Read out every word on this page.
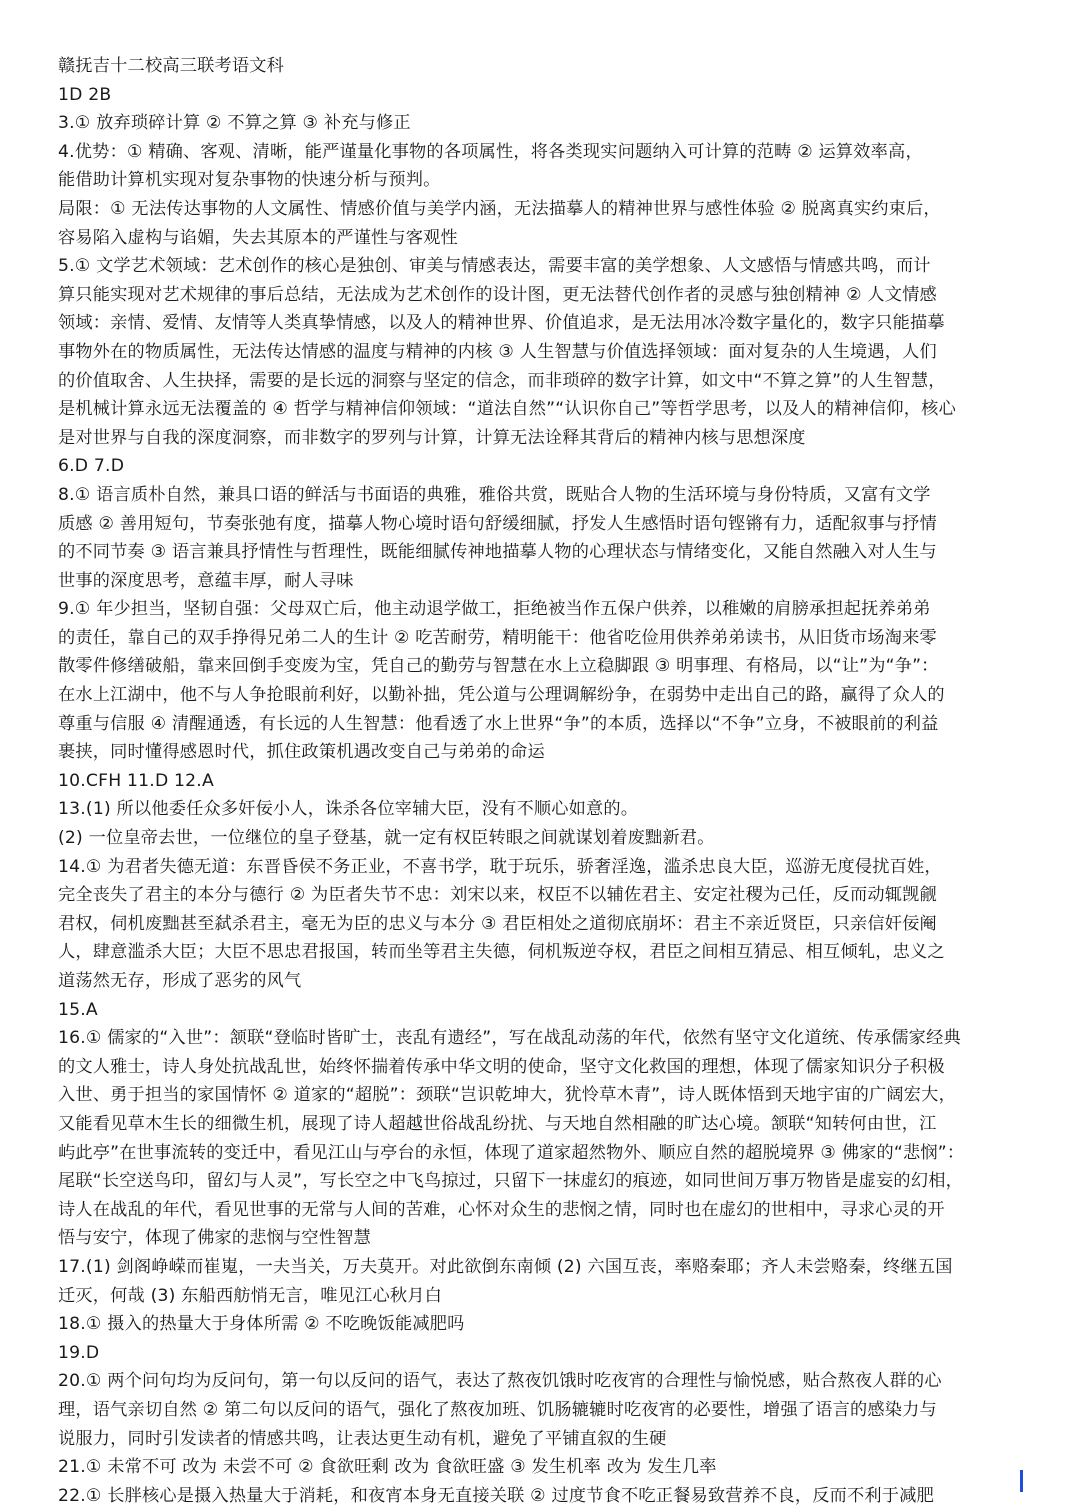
赣抚吉十二校高三联考语文科
1D 2B
3.① 放弃琐碎计算 ② 不算之算 ③ 补充与修正
4.优势：① 精确、客观、清晰，能严谨量化事物的各项属性，将各类现实问题纳入可计算的范畴 ② 运算效率高，
能借助计算机实现对复杂事物的快速分析与预判。
局限：① 无法传达事物的人文属性、情感价值与美学内涵，无法描摹人的精神世界与感性体验 ② 脱离真实约束后，
容易陷入虚构与谄媚，失去其原本的严谨性与客观性
5.① 文学艺术领域：艺术创作的核心是独创、审美与情感表达，需要丰富的美学想象、人文感悟与情感共鸣，而计
算只能实现对艺术规律的事后总结，无法成为艺术创作的设计图，更无法替代创作者的灵感与独创精神 ② 人文情感
领域：亲情、爱情、友情等人类真挚情感，以及人的精神世界、价值追求，是无法用冰冷数字量化的，数字只能描摹
事物外在的物质属性，无法传达情感的温度与精神的内核 ③ 人生智慧与价值选择领域：面对复杂的人生境遇，人们
的价值取舍、人生抉择，需要的是长远的洞察与坚定的信念，而非琐碎的数字计算，如文中“不算之算”的人生智慧，
是机械计算永远无法覆盖的 ④ 哲学与精神信仰领域：“道法自然”“认识你自己”等哲学思考，以及人的精神信仰，核心
是对世界与自我的深度洞察，而非数字的罗列与计算，计算无法诠释其背后的精神内核与思想深度
6.D 7.D
8.① 语言质朴自然，兼具口语的鲜活与书面语的典雅，雅俗共赏，既贴合人物的生活环境与身份特质，又富有文学
质感 ② 善用短句，节奏张弛有度，描摹人物心境时语句舒缓细腻，抒发人生感悟时语句铿锵有力，适配叙事与抒情
的不同节奏 ③ 语言兼具抒情性与哲理性，既能细腻传神地描摹人物的心理状态与情绪变化，又能自然融入对人生与
世事的深度思考，意蕴丰厚，耐人寻味
9.① 年少担当，坚韧自强：父母双亡后，他主动退学做工，拒绝被当作五保户供养，以稚嫩的肩膀承担起抚养弟弟
的责任，靠自己的双手挣得兄弟二人的生计 ② 吃苦耐劳，精明能干：他省吃俭用供养弟弟读书，从旧货市场淘来零
散零件修缮破船，靠来回倒手变废为宝，凭自己的勤劳与智慧在水上立稳脚跟 ③ 明事理、有格局，以“让”为“争”：
在水上江湖中，他不与人争抢眼前利好，以勤补拙，凭公道与公理调解纷争，在弱势中走出自己的路，赢得了众人的
尊重与信服 ④ 清醒通透，有长远的人生智慧：他看透了水上世界“争”的本质，选择以“不争”立身，不被眼前的利益
裹挟，同时懂得感恩时代，抓住政策机遇改变自己与弟弟的命运
10.CFH 11.D 12.A
13.(1) 所以他委任众多奸佞小人，诛杀各位宰辅大臣，没有不顺心如意的。
(2) 一位皇帝去世，一位继位的皇子登基，就一定有权臣转眼之间就谋划着废黜新君。
14.① 为君者失德无道：东晋昏侯不务正业，不喜书学，耽于玩乐，骄奢淫逸，滥杀忠良大臣，巡游无度侵扰百姓，
完全丧失了君主的本分与德行 ② 为臣者失节不忠：刘宋以来，权臣不以辅佐君主、安定社稷为己任，反而动辄觊觎
君权，伺机废黜甚至弑杀君主，毫无为臣的忠义与本分 ③ 君臣相处之道彻底崩坏：君主不亲近贤臣，只亲信奸佞阉
人，肆意滥杀大臣；大臣不思忠君报国，转而坐等君主失德，伺机叛逆夺权，君臣之间相互猜忌、相互倾轧，忠义之
道荡然无存，形成了恶劣的风气
15.A
16.① 儒家的“入世”：颔联“登临时皆旷士，丧乱有遗经”，写在战乱动荡的年代，依然有坚守文化道统、传承儒家经典
的文人雅士，诗人身处抗战乱世，始终怀揣着传承中华文明的使命，坚守文化救国的理想，体现了儒家知识分子积极
入世、勇于担当的家国情怀 ② 道家的“超脱”：颈联“岂识乾坤大，犹怜草木青”，诗人既体悟到天地宇宙的广阔宏大，
又能看见草木生长的细微生机，展现了诗人超越世俗战乱纷扰、与天地自然相融的旷达心境。颔联“知转何由世，江
屿此亭”在世事流转的变迁中，看见江山与亭台的永恒，体现了道家超然物外、顺应自然的超脱境界 ③ 佛家的“悲悯”：
尾联“长空送鸟印，留幻与人灵”，写长空之中飞鸟掠过，只留下一抹虚幻的痕迹，如同世间万事万物皆是虚妄的幻相，
诗人在战乱的年代，看见世事的无常与人间的苦难，心怀对众生的悲悯之情，同时也在虚幻的世相中，寻求心灵的开
悟与安宁，体现了佛家的悲悯与空性智慧
17.(1) 剑阁峥嵘而崔嵬，一夫当关，万夫莫开。对此欲倒东南倾 (2) 六国互丧，率赂秦耶；齐人未尝赂秦，终继五国
迁灭，何哉 (3) 东船西舫悄无言，唯见江心秋月白
18.① 摄入的热量大于身体所需 ② 不吃晚饭能减肥吗
19.D
20.① 两个问句均为反问句，第一句以反问的语气，表达了熬夜饥饿时吃夜宵的合理性与愉悦感，贴合熬夜人群的心
理，语气亲切自然 ② 第二句以反问的语气，强化了熬夜加班、饥肠辘辘时吃夜宵的必要性，增强了语言的感染力与
说服力，同时引发读者的情感共鸣，让表达更生动有机，避免了平铺直叙的生硬
21.① 未常不可 改为 未尝不可 ② 食欲旺剩 改为 食欲旺盛 ③ 发生机率 改为 发生几率
22.① 长胖核心是摄入热量大于消耗，和夜宵本身无直接关联 ② 过度节食不吃正餐易致营养不良，反而不利于减肥
